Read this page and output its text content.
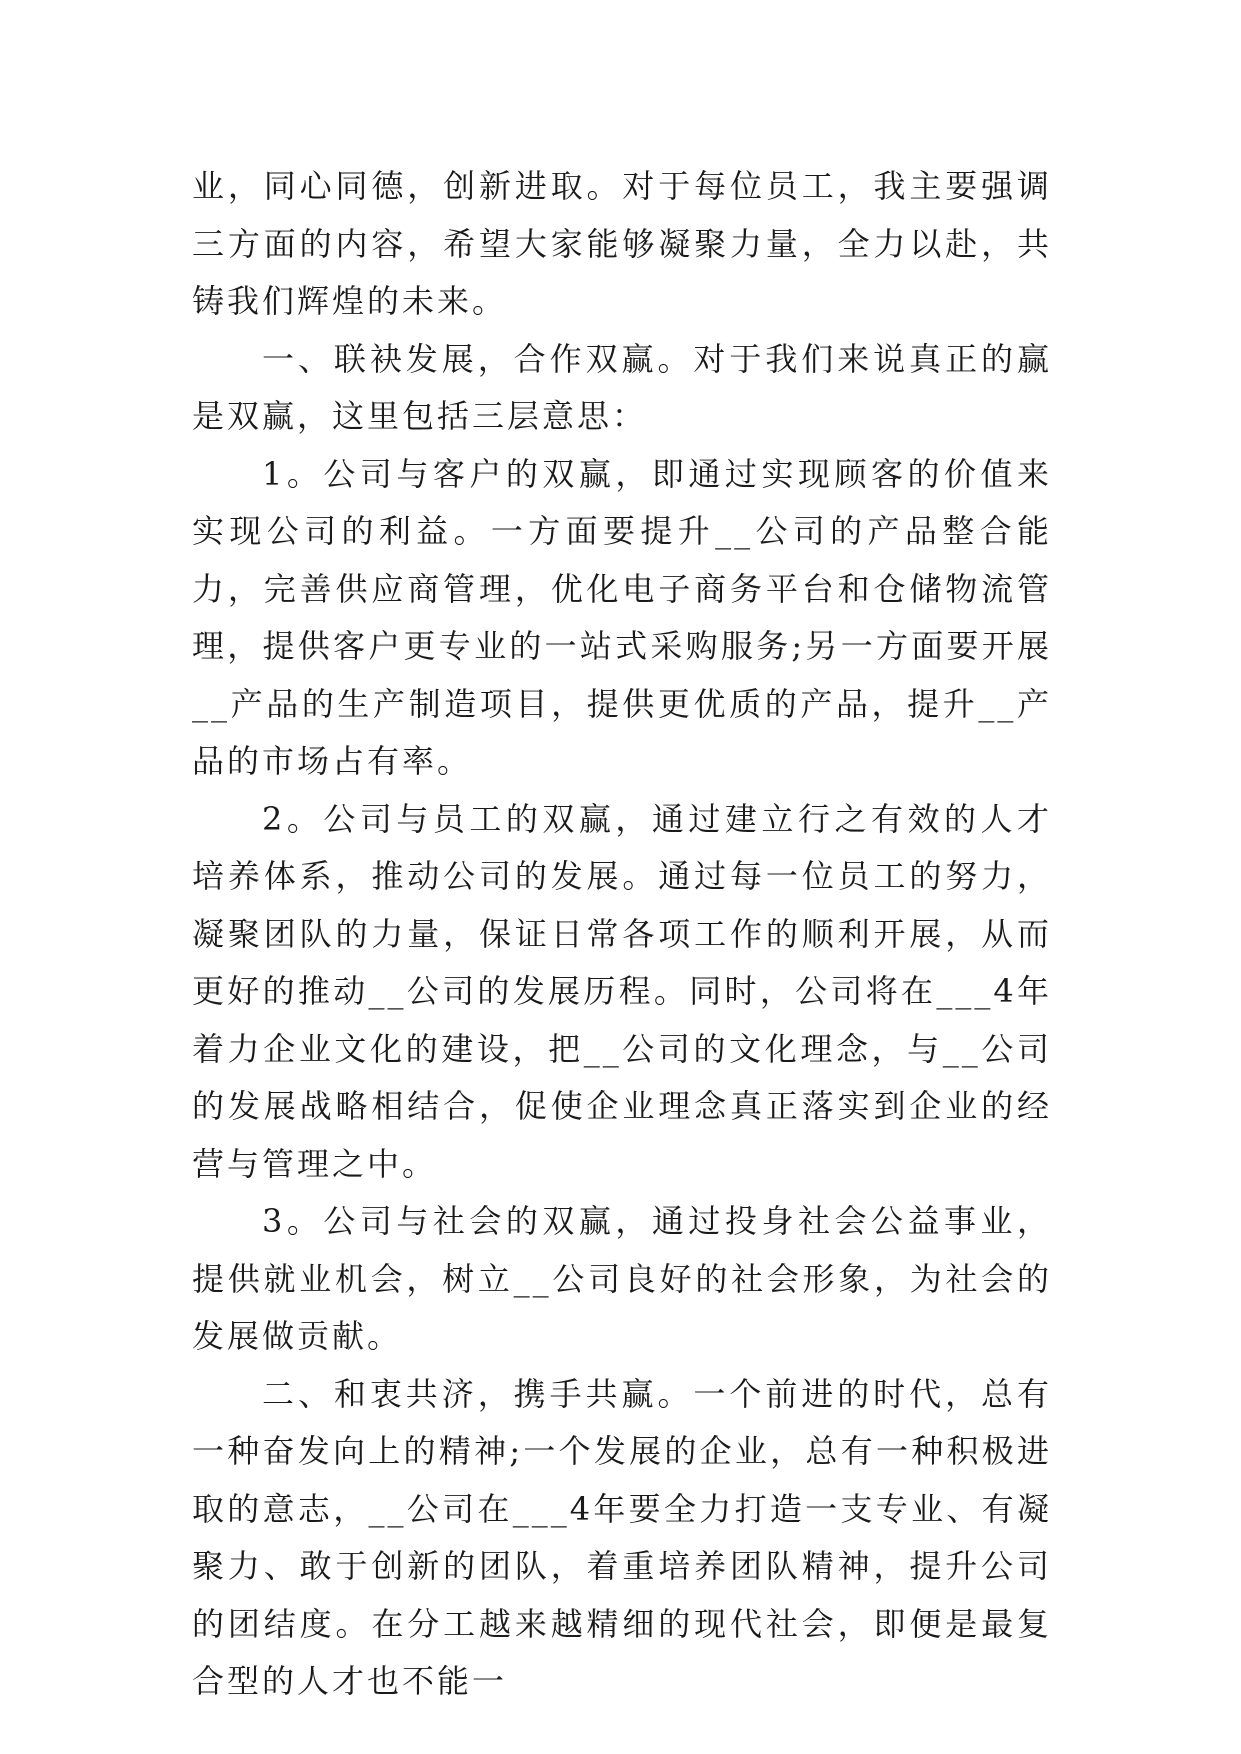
业，同心同德，创新进取。对于每位员工，我主要强调三方面的内容，希望大家能够凝聚力量，全力以赴，共铸我们辉煌的未来。

一、联袂发展，合作双赢。对于我们来说真正的赢是双赢，这里包括三层意思：

1。公司与客户的双赢，即通过实现顾客的价值来实现公司的利益。一方面要提升__公司的产品整合能力，完善供应商管理，优化电子商务平台和仓储物流管理，提供客户更专业的一站式采购服务;另一方面要开展__产品的生产制造项目，提供更优质的产品，提升__产品的市场占有率。

2。公司与员工的双赢，通过建立行之有效的人才培养体系，推动公司的发展。通过每一位员工的努力，凝聚团队的力量，保证日常各项工作的顺利开展，从而更好的推动__公司的发展历程。同时，公司将在___4年着力企业文化的建设，把__公司的文化理念，与__公司的发展战略相结合，促使企业理念真正落实到企业的经营与管理之中。

3。公司与社会的双赢，通过投身社会公益事业，提供就业机会，树立__公司良好的社会形象，为社会的发展做贡献。

二、和衷共济，携手共赢。一个前进的时代，总有一种奋发向上的精神;一个发展的企业，总有一种积极进取的意志，__公司在___4年要全力打造一支专业、有凝聚力、敢于创新的团队，着重培养团队精神，提升公司的团结度。在分工越来越精细的现代社会，即便是最复合型的人才也不能一
